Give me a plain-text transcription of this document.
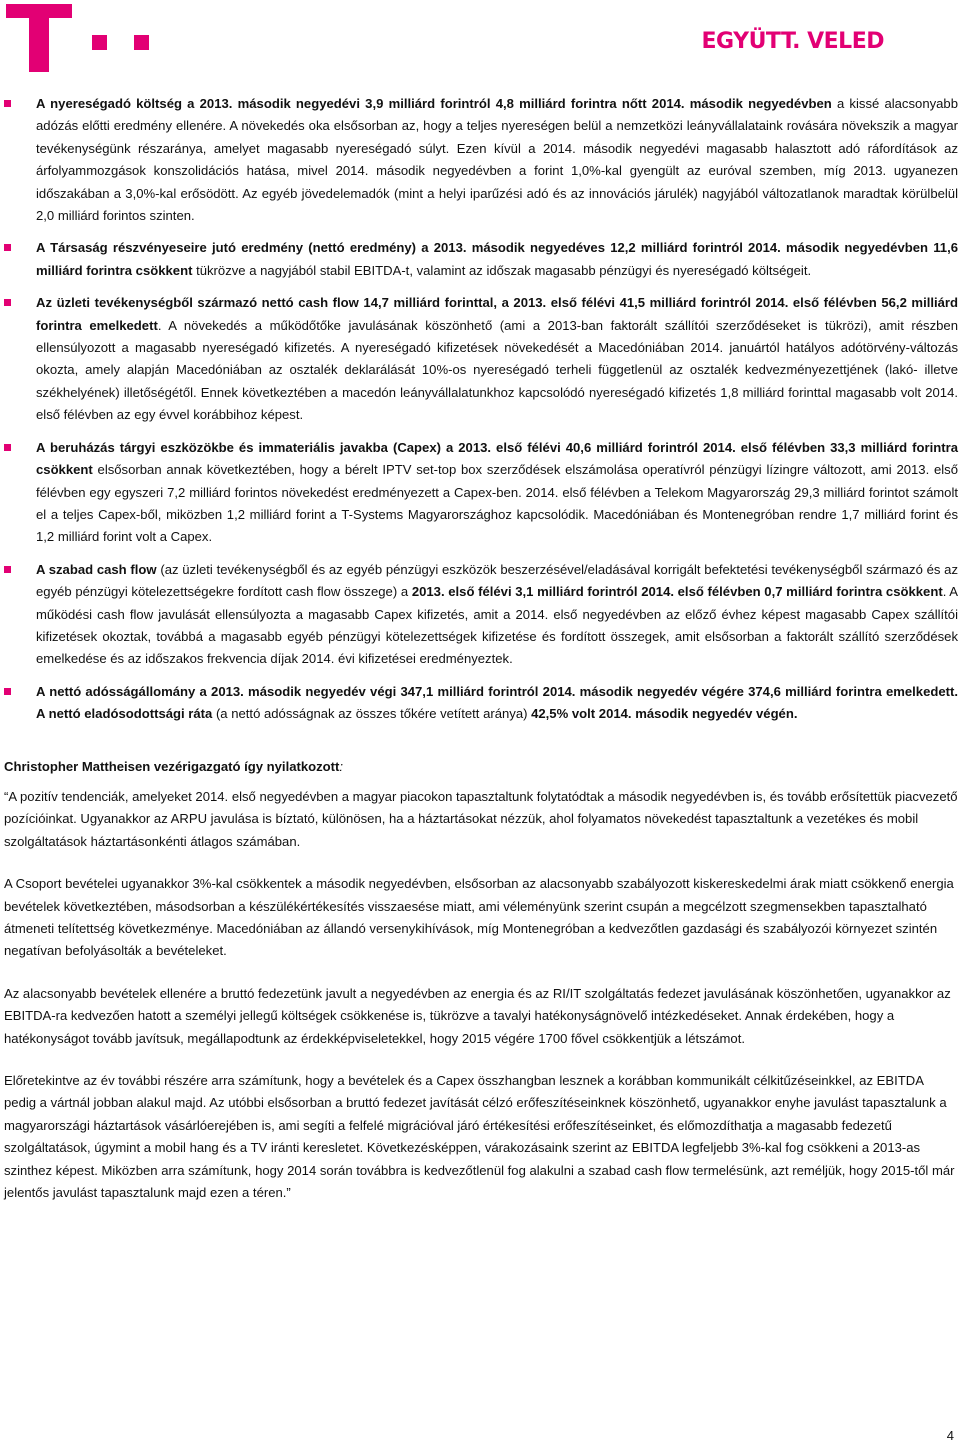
EGYÜTT. VELED
A nyereségadó költség a 2013. második negyedévi 3,9 milliárd forintról 4,8 milliárd forintra nőtt 2014. második negyedévben a kissé alacsonyabb adózás előtti eredmény ellenére. A növekedés oka elsősorban az, hogy a teljes nyereségen belül a nemzetközi leányvállalataink rovására növekszik a magyar tevékenységünk részaránya, amelyet magasabb nyereségadó súlyt. Ezen kívül a 2014. második negyedévi magasabb halasztott adó ráfordítások az árfolyammozgások konszolidációs hatása, mivel 2014. második negyedévben a forint 1,0%-kal gyengült az euróval szemben, míg 2013. ugyanezen időszakában a 3,0%-kal erősödött. Az egyéb jövedelemadók (mint a helyi iparűzési adó és az innovációs járulék) nagyjából változatlanok maradtak körülbelül 2,0 milliárd forintos szinten.
A Társaság részvényeseire jutó eredmény (nettó eredmény) a 2013. második negyedéves 12,2 milliárd forintról 2014. második negyedévben 11,6 milliárd forintra csökkent tükrözve a nagyjából stabil EBITDA-t, valamint az időszak magasabb pénzügyi és nyereségadó költségeit.
Az üzleti tevékenységből származó nettó cash flow 14,7 milliárd forinttal, a 2013. első félévi 41,5 milliárd forintról 2014. első félévben 56,2 milliárd forintra emelkedett. A növekedés a működőtőke javulásának köszönhető (ami a 2013-ban faktorált szállítói szerződéseket is tükrözi), amit részben ellensúlyozott a magasabb nyereségadó kifizetés. A nyereségadó kifizetések növekedését a Macedóniában 2014. januártól hatályos adótörvény-változás okozta, amely alapján Macedóniában az osztalék deklarálását 10%-os nyereségadó terheli függetlenül az osztalék kedvezményezettjének (lakó- illetve székhelyének) illetőségétől. Ennek következtében a macedón leányvállalatunkhoz kapcsolódó nyereségadó kifizetés 1,8 milliárd forinttal magasabb volt 2014. első félévben az egy évvel korábbihoz képest.
A beruházás tárgyi eszközökbe és immateriális javakba (Capex) a 2013. első félévi 40,6 milliárd forintról 2014. első félévben 33,3 milliárd forintra csökkent elsősorban annak következtében, hogy a bérelt IPTV set-top box szerződések elszámolása operatívról pénzügyi lízingre változott, ami 2013. első félévben egy egyszeri 7,2 milliárd forintos növekedést eredményezett a Capex-ben. 2014. első félévben a Telekom Magyarország 29,3 milliárd forintot számolt el a teljes Capex-ből, miközben 1,2 milliárd forint a T-Systems Magyarországhoz kapcsolódik. Macedóniában és Montenegróban rendre 1,7 milliárd forint és 1,2 milliárd forint volt a Capex.
A szabad cash flow (az üzleti tevékenységből és az egyéb pénzügyi eszközök beszerzésével/eladásával korrigált befektetési tevékenységből származó és az egyéb pénzügyi kötelezettségekre fordított cash flow összege) a 2013. első félévi 3,1 milliárd forintról 2014. első félévben 0,7 milliárd forintra csökkent. A működési cash flow javulását ellensúlyozta a magasabb Capex kifizetés, amit a 2014. első negyedévben az előző évhez képest magasabb Capex szállítói kifizetések okoztak, továbbá a magasabb egyéb pénzügyi kötelezettségek kifizetése és fordított összegek, amit elsősorban a faktorált szállító szerződések emelkedése és az időszakos frekvencia díjak 2014. évi kifizetései eredményeztek.
A nettó adósságállomány a 2013. második negyedév végi 347,1 milliárd forintról 2014. második negyedév végére 374,6 milliárd forintra emelkedett. A nettó eladósodottsági ráta (a nettó adósságnak az összes tőkére vetített aránya) 42,5% volt 2014. második negyedév végén.
Christopher Mattheisen vezérigazgató így nyilatkozott:

“A pozitív tendenciák, amelyeket 2014. első negyedévben a magyar piacokon tapasztaltunk folytatódtak a második negyedévben is, és tovább erősítettük piacvezető pozícióinkat. Ugyanakkor az ARPU javulása is bíztató, különösen, ha a háztartásokat nézzük, ahol folyamatos növekedést tapasztaltunk a vezetékes és mobil szolgáltatások háztartásonkénti átlagos számában.

A Csoport bevételei ugyanakkor 3%-kal csökkentek a második negyedévben, elsősorban az alacsonyabb szabályozott kiskereskedelmi árak miatt csökkenő energia bevételek következtében, másodsorban a készülékértékesítés visszaesése miatt, ami véleményünk szerint csupán a megcélzott szegmensekben tapasztalható átmeneti telítettség következménye. Macedóniában az állandó versenykihívások, míg Montenegróban a kedvezőtlen gazdasági és szabályozói környezet szintén negatívan befolyásolták a bevételeket.

Az alacsonyabb bevételek ellenére a bruttó fedezetünk javult a negyedévben az energia és az RI/IT szolgáltatás fedezet javulásának köszönhetően, ugyanakkor az EBITDA-ra kedvezően hatott a személyi jellegű költségek csökkenése is, tükrözve a tavalyi hatékonyságnövelő intézkedéseket. Annak érdekében, hogy a hatékonyságot tovább javítsuk, megállapodtunk az érdekképviseletekkel, hogy 2015 végére 1700 fővel csökkentjük a létszámot.

Előretekintve az év további részére arra számítunk, hogy a bevételek és a Capex összhangban lesznek a korábban kommunikált célkitűzéseinkkel, az EBITDA pedig a vártnál jobban alakul majd. Az utóbbi elsősorban a bruttó fedezet javítását célzó erőfeszítéseinknek köszönhető, ugyanakkor enyhe javulást tapasztalunk a magyarországi háztartások vásárlóerejében is, ami segíti a felfelé migrációval járó értékesítési erőfeszítéseinket, és előmozdíthatja a magasabb fedezetű szolgáltatások, úgymint a mobil hang és a TV iránti keresletet. Következésképpen, várakozásaink szerint az EBITDA legfeljebb 3%-kal fog csökkeni a 2013-as szinthez képest. Miközben arra számítunk, hogy 2014 során továbbra is kedvezőtlenül fog alakulni a szabad cash flow termelésünk, azt reméljük, hogy 2015-től már jelentős javulást tapasztalunk majd ezen a téren.”

4
